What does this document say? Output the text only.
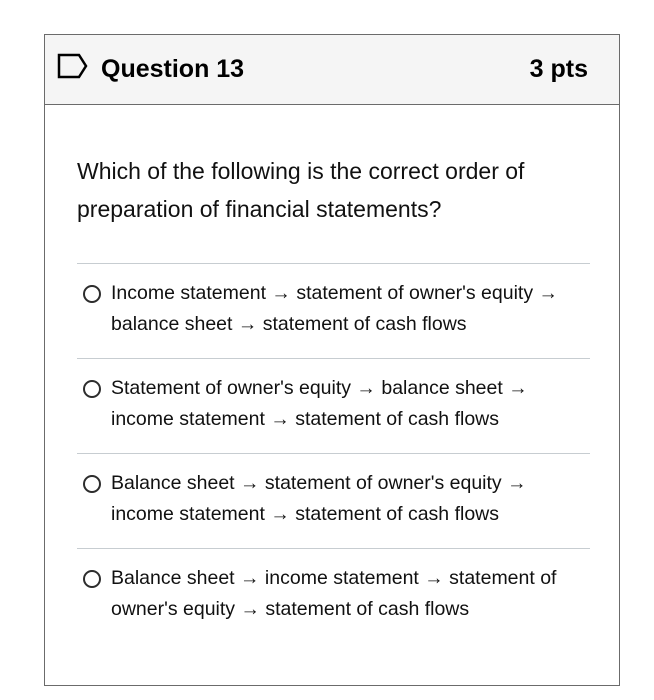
Question 13	3 pts
Which of the following is the correct order of preparation of financial statements?
Income statement → statement of owner's equity → balance sheet → statement of cash flows
Statement of owner's equity → balance sheet → income statement → statement of cash flows
Balance sheet → statement of owner's equity → income statement → statement of cash flows
Balance sheet → income statement → statement of owner's equity → statement of cash flows
